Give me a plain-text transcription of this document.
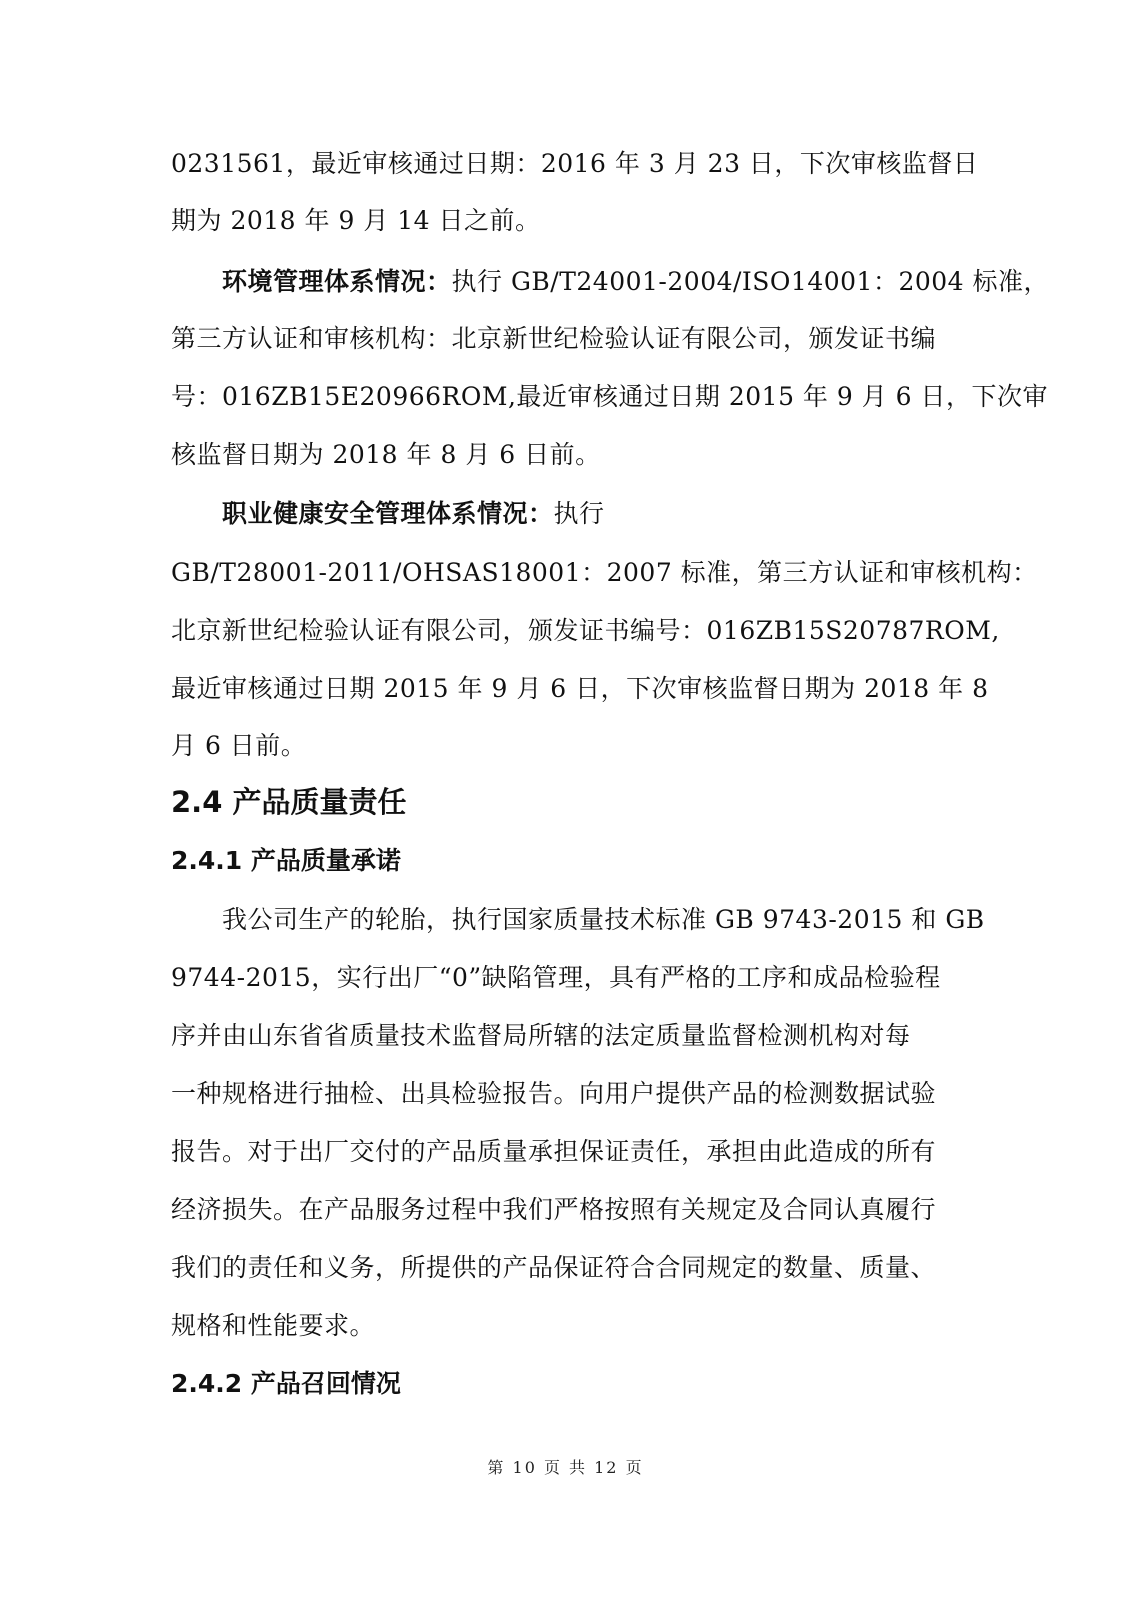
0231561，最近审核通过日期：2016 年 3 月 23 日，下次审核监督日
期为 2018 年 9 月 14 日之前。
环境管理体系情况：执行 GB/T24001-2004/ISO14001：2004 标准，
第三方认证和审核机构：北京新世纪检验认证有限公司，颁发证书编
号：016ZB15E20966ROM,最近审核通过日期 2015 年 9 月 6 日，下次审
核监督日期为 2018 年 8 月 6 日前。
职业健康安全管理体系情况：执行
GB/T28001-2011/OHSAS18001：2007 标准，第三方认证和审核机构：
北京新世纪检验认证有限公司，颁发证书编号：016ZB15S20787ROM,
最近审核通过日期 2015 年 9 月 6 日，下次审核监督日期为 2018 年 8
月 6 日前。
2.4 产品质量责任
2.4.1 产品质量承诺
我公司生产的轮胎，执行国家质量技术标准 GB 9743-2015 和 GB
9744-2015，实行出厂“0”缺陷管理，具有严格的工序和成品检验程
序并由山东省省质量技术监督局所辖的法定质量监督检测机构对每
一种规格进行抽检、出具检验报告。向用户提供产品的检测数据试验
报告。对于出厂交付的产品质量承担保证责任，承担由此造成的所有
经济损失。在产品服务过程中我们严格按照有关规定及合同认真履行
我们的责任和义务，所提供的产品保证符合合同规定的数量、质量、
规格和性能要求。
2.4.2 产品召回情况
第 10 页 共 12 页
